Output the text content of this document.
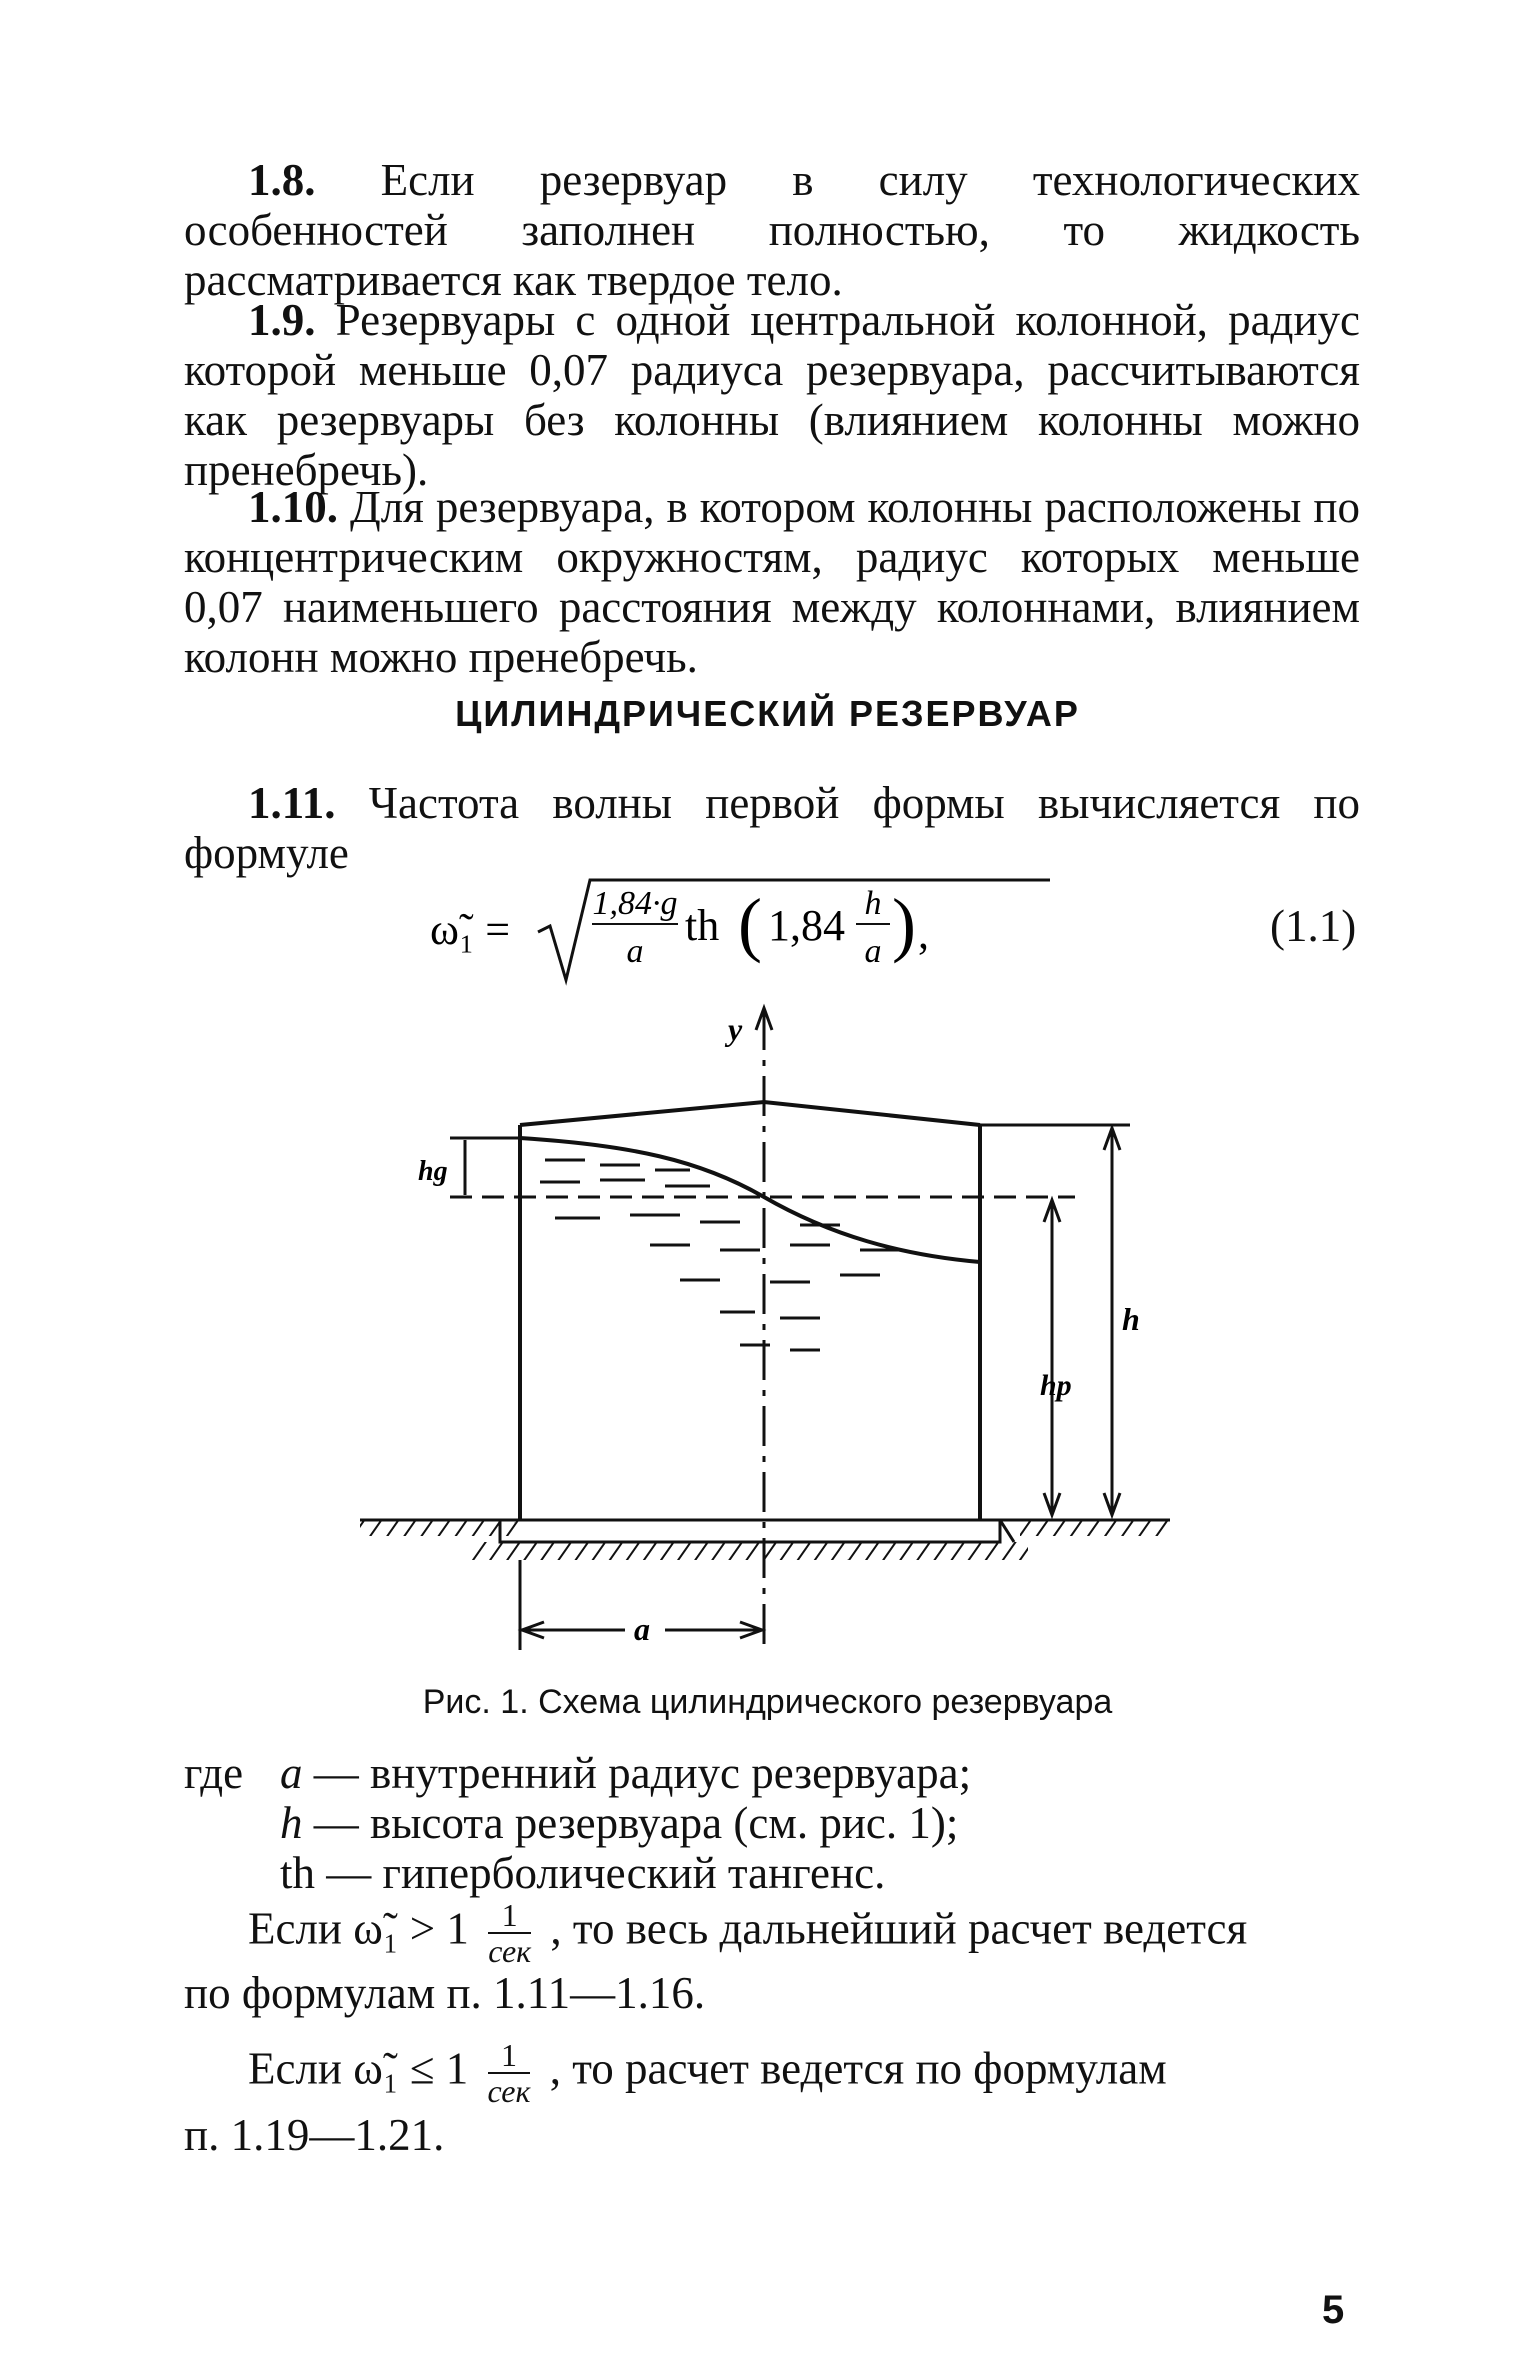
1.8. Если резервуар в силу технологических особенностей заполнен полностью, то жидкость рассматривается как твердое тело.

1.9. Резервуары с одной центральной колонной, радиус которой меньше 0,07 радиуса резервуара, рассчитываются как резервуары без колонны (влиянием колонны можно пренебречь).

1.10. Для резервуара, в котором колонны расположены по концентрическим окружностям, радиус которых меньше 0,07 наименьшего расстояния между колоннами, влиянием колонн можно пренебречь.

ЦИЛИНДРИЧЕСКИЙ РЕЗЕРВУАР

1.11. Частота волны первой формы вычисляется по формуле

ω̃₁ =
1,84·g
a
th ( 1,84 h
a ) ,	(1.1)
y
hg
h
hp
a
Рис. 1. Схема цилиндрического резервуара
где a — внутренний радиус резервуара;
h — высота резервуара (см. рис. 1);
th — гиперболический тангенс.
Если ω̃₁ > 1	1
сек , то весь дальнейший расчет ведется
по формулам п. 1.11—1.16.
Если ω̃₁ ≤ 1	1
сек , то расчет ведется по формулам
п. 1.19—1.21.
5
